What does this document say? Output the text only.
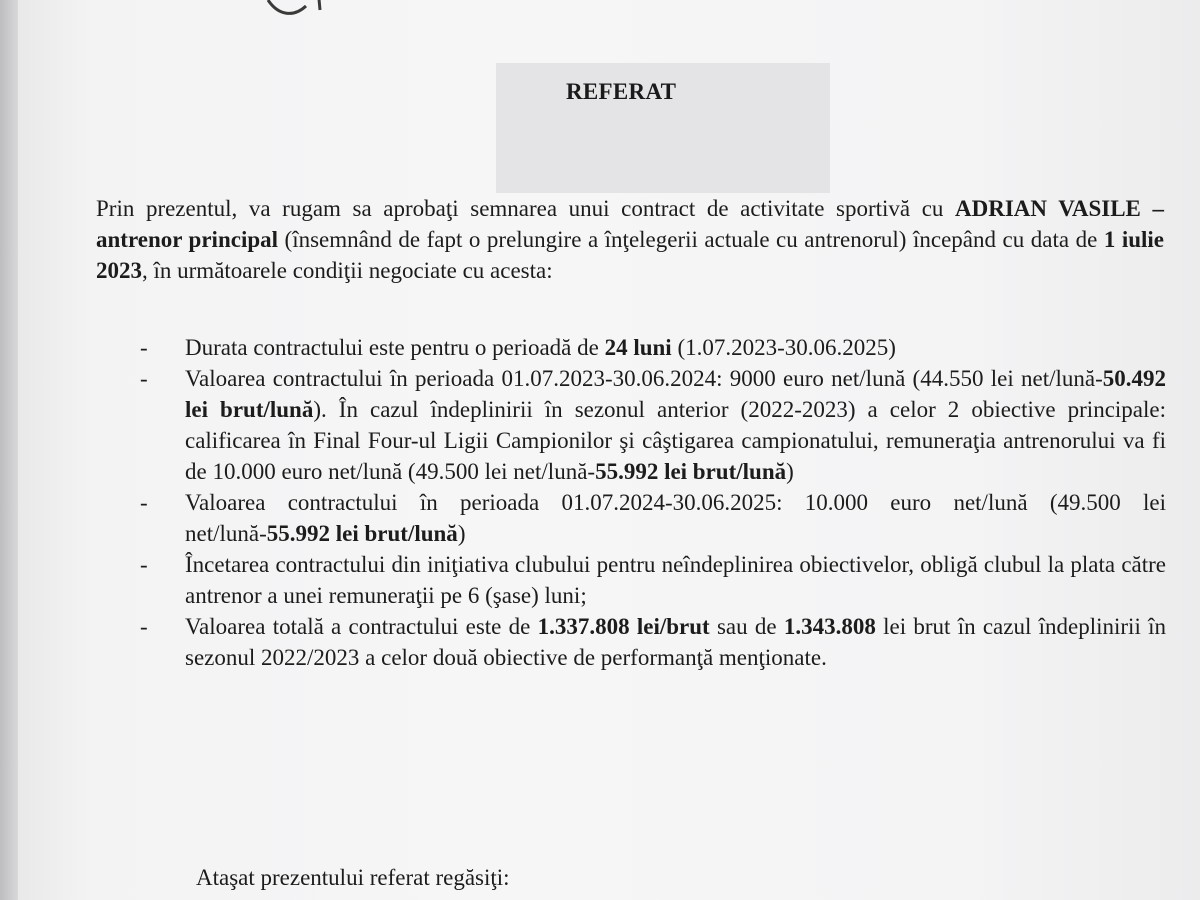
REFERAT
Prin prezentul, va rugam sa aprobaţi semnarea unui contract de activitate sportivă cu ADRIAN VASILE – antrenor principal (însemnând de fapt o prelungire a înţelegerii actuale cu antrenorul) începând cu data de 1 iulie 2023, în următoarele condiţii negociate cu acesta:
- Durata contractului este pentru o perioadă de 24 luni (1.07.2023-30.06.2025)
- Valoarea contractului în perioada 01.07.2023-30.06.2024: 9000 euro net/lună (44.550 lei net/lună-50.492 lei brut/lună). În cazul îndeplinirii în sezonul anterior (2022-2023) a celor 2 obiective principale: calificarea în Final Four-ul Ligii Campionilor şi câştigarea campionatului, remuneraţia antrenorului va fi de 10.000 euro net/lună (49.500 lei net/lună-55.992 lei brut/lună)
- Valoarea contractului în perioada 01.07.2024-30.06.2025: 10.000 euro net/lună (49.500 lei net/lună-55.992 lei brut/lună)
- Încetarea contractului din iniţiativa clubului pentru neîndeplinirea obiectivelor, obligă clubul la plata către antrenor a unei remuneraţii pe 6 (şase) luni;
- Valoarea totală a contractului este de 1.337.808 lei/brut sau de 1.343.808 lei brut în cazul îndeplinirii în sezonul 2022/2023 a celor două obiective de performanţă menţionate.
Ataşat prezentului referat regăsiţi:
